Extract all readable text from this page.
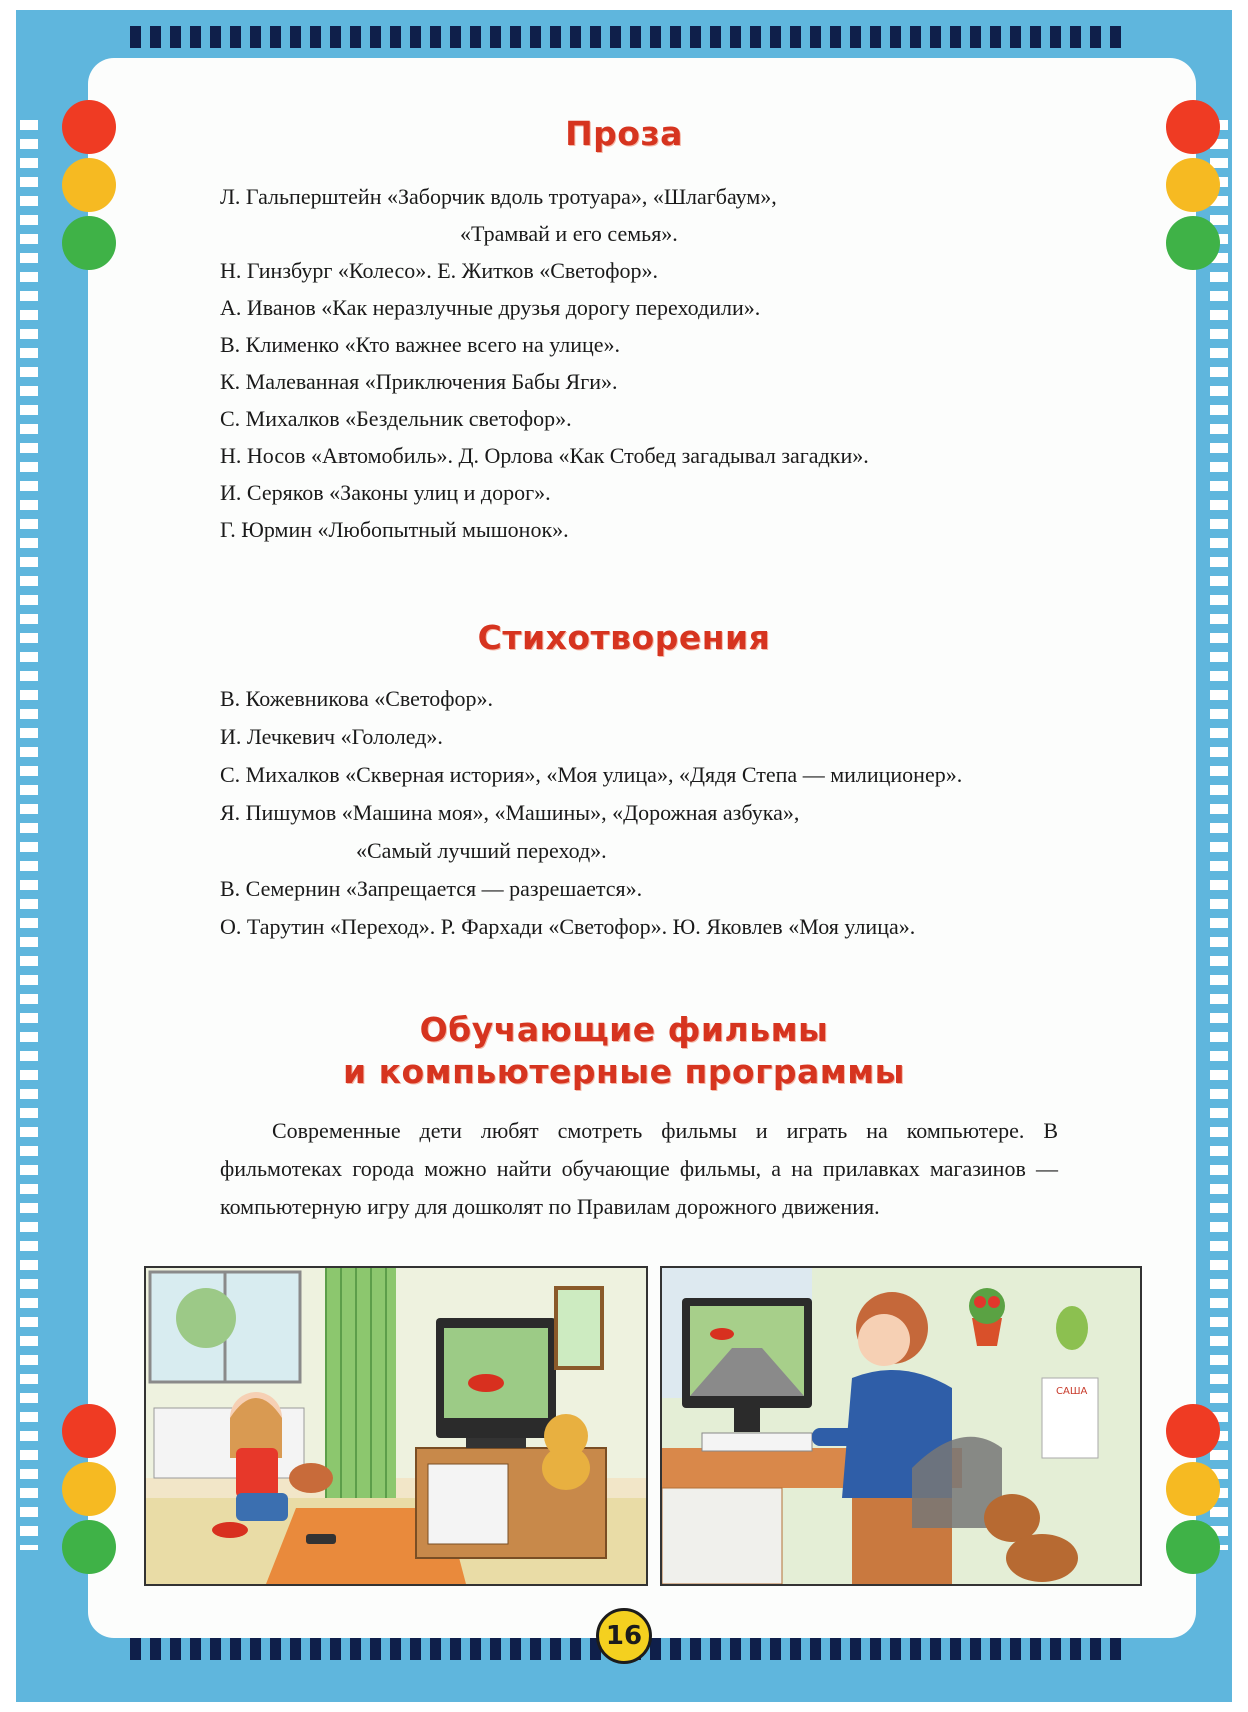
Проза
Л. Гальперштейн «Заборчик вдоль тротуара», «Шлагбаум»,
«Трамвай и его семья».
Н. Гинзбург «Колесо». Е. Житков «Светофор».
А. Иванов «Как неразлучные друзья дорогу переходили».
В. Клименко «Кто важнее всего на улице».
К. Малеванная «Приключения Бабы Яги».
С. Михалков «Бездельник светофор».
Н. Носов «Автомобиль». Д. Орлова «Как Стобед загадывал загадки».
И. Серяков «Законы улиц и дорог».
Г. Юрмин «Любопытный мышонок».
Стихотворения
В. Кожевникова «Светофор».
И. Лечкевич «Гололед».
С. Михалков «Скверная история», «Моя улица», «Дядя Степа — милиционер».
Я. Пишумов «Машина моя», «Машины», «Дорожная азбука»,
«Самый лучший переход».
В. Семернин «Запрещается — разрешается».
О. Тарутин «Переход». Р. Фархади «Светофор». Ю. Яковлев «Моя улица».
Обучающие фильмы
и компьютерные программы

Современные дети любят смотреть фильмы и играть на компьютере. В фильмотеках города можно найти обучающие фильмы, а на прилавках магазинов — компьютерную игру для дошколят по Правилам дорожного движения.

САША
16
